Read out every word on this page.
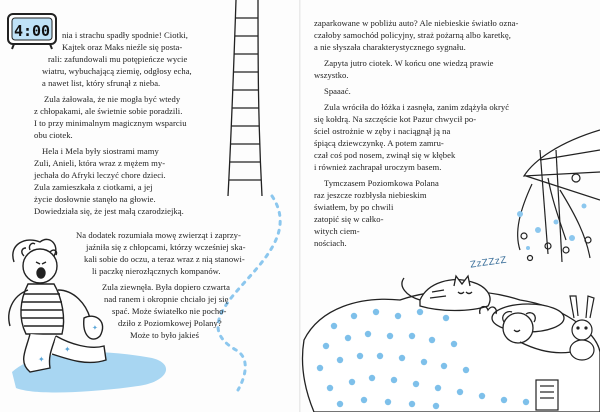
✦
✦
✦
4:00
ZzZZzZ
nia i strachu spadły spodnie! Ciotki,
Kajtek oraz Maks nieźle się posta-
rali: zafundowali mu potępieńcze wycie
wiatru, wybuchającą ziemię, odgłosy echa,
a nawet list, który sfrunął z nieba.
Zula żałowała, że nie mogła być wtedy
z chłopakami, ale świetnie sobie poradzili.
I to przy minimalnym magicznym wsparciu
obu ciotek.
Hela i Mela były siostrami mamy
Zuli, Anieli, która wraz z mężem my-
jechała do Afryki leczyć chore dzieci.
Zula zamieszkała z ciotkami, a jej
życie dosłownie stanęło na głowie.
Dowiedziała się, że jest małą czarodziejką.
Na dodatek rozumiała mowę zwierząt i zaprzy-
jaźniła się z chłopcami, którzy wcześniej ska-
kali sobie do oczu, a teraz wraz z nią stanowi-
li paczkę nierozłącznych kompanów.
Zula ziewnęła. Była dopiero czwarta
nad ranem i okropnie chciało jej się
spać. Może światełko nie pocho-
dziło z Poziomkowej Polany?
Może to było jakieś
zaparkowane w pobliżu auto? Ale niebieskie światło ozna-
czałoby samochód policyjny, straż pożarną albo karetkę,
a nie słyszała charakterystycznego sygnału.
Zapyta jutro ciotek. W końcu one wiedzą prawie
wszystko.
Spaaać.
Zula wróciła do łóżka i zasnęła, zanim zdążyła okryć
się kołdrą. Na szczęście kot Pazur chwycił po-
ściel ostrożnie w zęby i naciągnął ją na
śpiącą dziewczynkę. A potem zamru-
czał coś pod nosem, zwinął się w kłębek
i również zachrapał uroczym basem.
Tymczasem Poziomkowa Polana
raz jeszcze rozbłysła niebieskim
światłem, by po chwili
zatopić się w całko-
witych ciem-
nościach.
